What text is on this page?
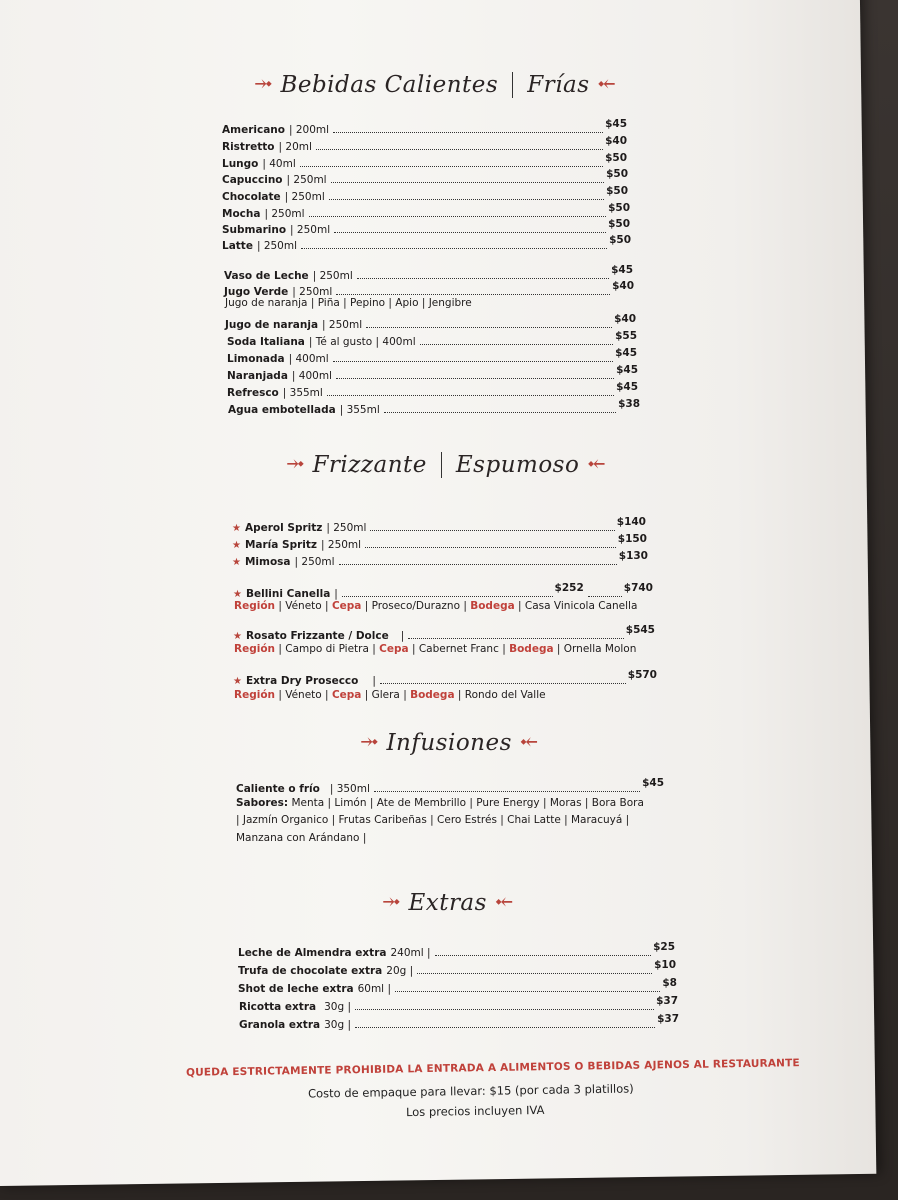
⤞ Bebidas Calientes Frías ⤝
Americano | 200ml	$45
Ristretto | 20ml	$40
Lungo | 40ml	$50
Capuccino | 250ml	$50
Chocolate | 250ml	$50
Mocha | 250ml	$50
Submarino | 250ml	$50
Latte | 250ml	$50
Vaso de Leche | 250ml	$45
Jugo Verde | 250ml	$40
Jugo de naranja | Piña | Pepino | Apio | Jengibre
Jugo de naranja | 250ml	$40
Soda Italiana | Té al gusto | 400ml	$55
Limonada | 400ml	$45
Naranjada | 400ml	$45
Refresco | 355ml	$45
Agua embotellada | 355ml	$38
⤞ Frizzante Espumoso ⤝
★ Aperol Spritz | 250ml	$140
★ María Spritz | 250ml	$150
★ Mimosa | 250ml	$130
★ Bellini Canella |	$252	$740
Región | Véneto | Cepa | Proseco/Durazno | Bodega | Casa Vinicola Canella
★ Rosato Frizzante / Dolce |	$545
Región | Campo di Pietra | Cepa | Cabernet Franc | Bodega | Ornella Molon
★ Extra Dry Prosecco |	$570
Región | Véneto | Cepa | Glera | Bodega | Rondo del Valle
⤞ Infusiones ⤝
Caliente o frío | 350ml	$45
Sabores: Menta | Limón | Ate de Membrillo | Pure Energy | Moras | Bora Bora
| Jazmín Organico | Frutas Caribeñas | Cero Estrés | Chai Latte | Maracuyá |
Manzana con Arándano |
⤞ Extras ⤝
Leche de Almendra extra 240ml |	$25
Trufa de chocolate extra 20g |	$10
Shot de leche extra 60ml |	$8
Ricotta extra 30g |	$37
Granola extra 30g |	$37
QUEDA ESTRICTAMENTE PROHIBIDA LA ENTRADA A ALIMENTOS O BEBIDAS AJENOS AL RESTAURANTE
Costo de empaque para llevar: $15 (por cada 3 platillos)
Los precios incluyen IVA
